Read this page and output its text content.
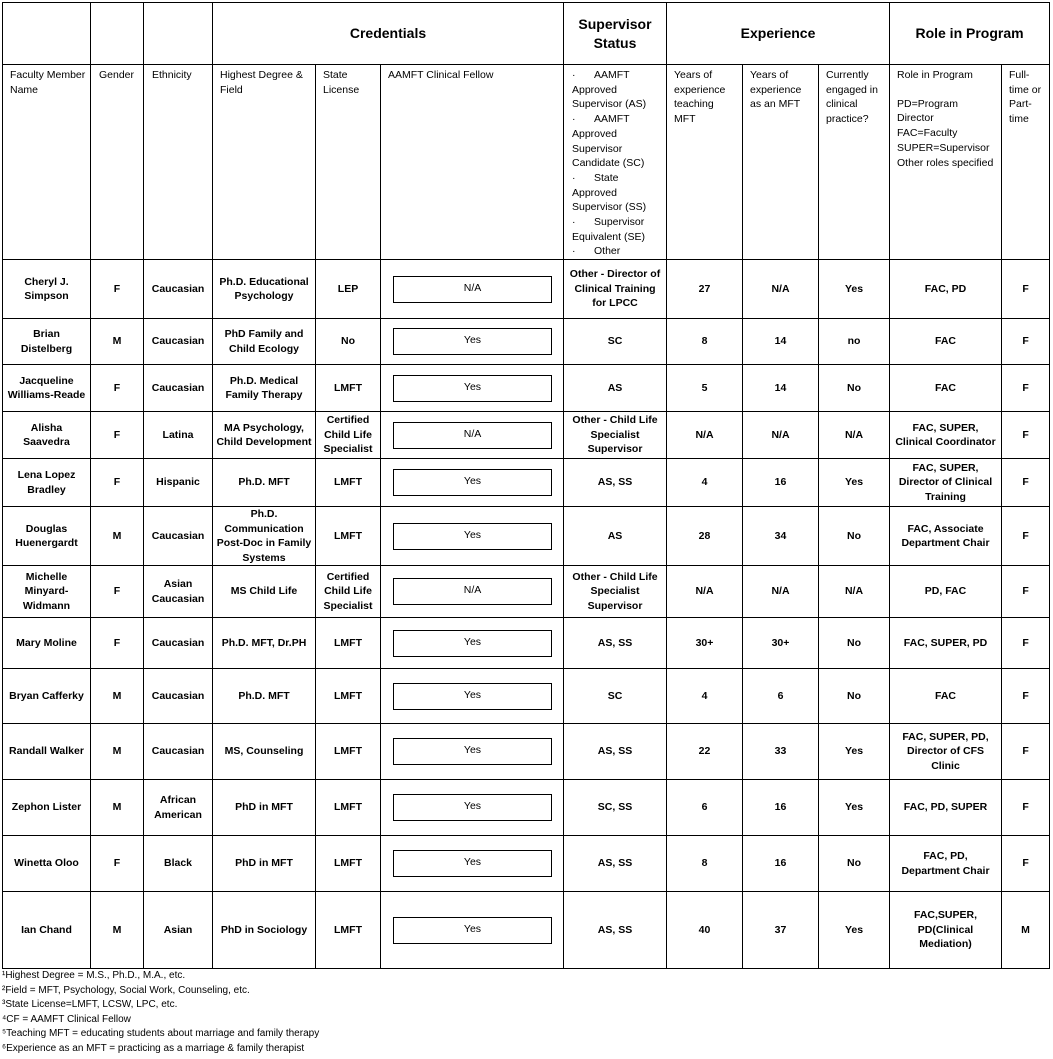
			Credentials			Supervisor Status	Experience			Role in Program	
Faculty Member Name	Gender	Ethnicity	Highest Degree & Field	State License	AAMFT Clinical Fellow	· AAMFT Approved Supervisor (AS)
· AAMFT Approved Supervisor Candidate (SC)
· State Approved Supervisor (SS)
· Supervisor Equivalent (SE)
· Other	Years of experience teaching MFT	Years of experience as an MFT	Currently engaged in clinical practice?	Role in Program
PD=Program Director
FAC=Faculty
SUPER=Supervisor
Other roles specified	Full-time or Part-time
Cheryl J. Simpson	F	Caucasian	Ph.D. Educational Psychology	LEP	N/A	Other - Director of Clinical Training for LPCC	27	N/A	Yes	FAC, PD	F
Brian Distelberg	M	Caucasian	PhD Family and Child Ecology	No	Yes	SC	8	14	no	FAC	F
Jacqueline Williams-Reade	F	Caucasian	Ph.D. Medical Family Therapy	LMFT	Yes	AS	5	14	No	FAC	F
Alisha Saavedra	F	Latina	MA Psychology, Child Development	Certified Child Life Specialist	N/A	Other - Child Life Specialist Supervisor	N/A	N/A	N/A	FAC, SUPER, Clinical Coordinator	F
Lena Lopez Bradley	F	Hispanic	Ph.D. MFT	LMFT	Yes	AS, SS	4	16	Yes	FAC, SUPER, Director of Clinical Training	F
Douglas Huenergardt	M	Caucasian	Ph.D. Communication Post-Doc in Family Systems	LMFT	Yes	AS	28	34	No	FAC, Associate Department Chair	F
Michelle Minyard-Widmann	F	Asian Caucasian	MS Child Life	Certified Child Life Specialist	N/A	Other - Child Life Specialist Supervisor	N/A	N/A	N/A	PD, FAC	F
Mary Moline	F	Caucasian	Ph.D. MFT, Dr.PH	LMFT	Yes	AS, SS	30+	30+	No	FAC, SUPER, PD	F
Bryan Cafferky	M	Caucasian	Ph.D. MFT	LMFT	Yes	SC	4	6	No	FAC	F
Randall Walker	M	Caucasian	MS, Counseling	LMFT	Yes	AS, SS	22	33	Yes	FAC, SUPER, PD, Director of CFS Clinic	F
Zephon Lister	M	African American	PhD in MFT	LMFT	Yes	SC, SS	6	16	Yes	FAC, PD, SUPER	F
Winetta Oloo	F	Black	PhD in MFT	LMFT	Yes	AS, SS	8	16	No	FAC, PD, Department Chair	F
Ian Chand	M	Asian	PhD in Sociology	LMFT	Yes	AS, SS	40	37	Yes	FAC,SUPER, PD(Clinical Mediation)	M
¹Highest Degree = M.S., Ph.D., M.A., etc.
²Field = MFT, Psychology, Social Work, Counseling, etc.
³State License=LMFT, LCSW, LPC, etc.
⁴CF = AAMFT Clinical Fellow
⁵Teaching MFT = educating students about marriage and family therapy
⁶Experience as an MFT = practicing as a marriage & family therapist
